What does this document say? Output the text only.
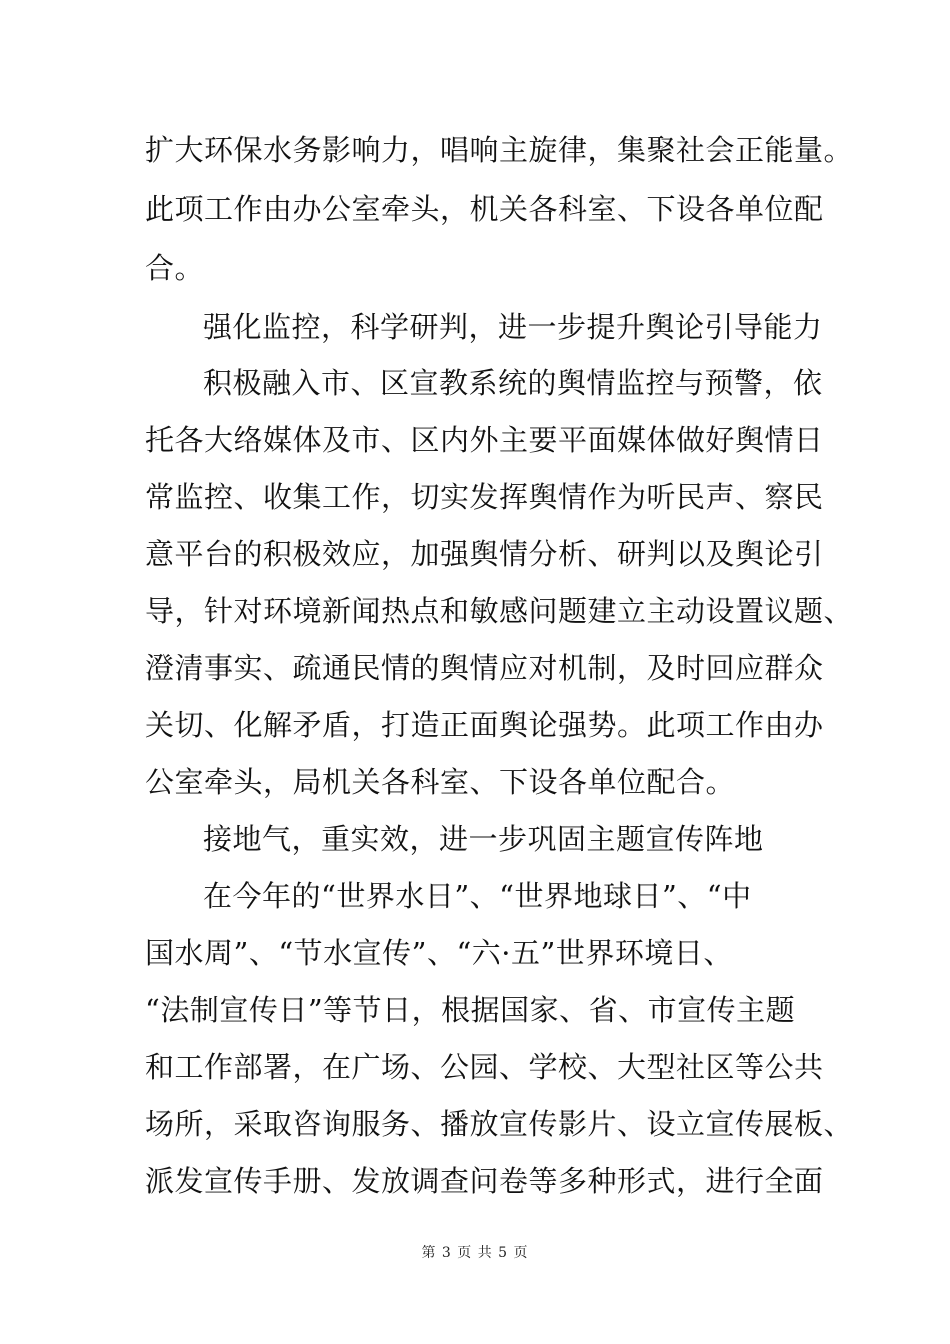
扩大环保水务影响力，唱响主旋律，集聚社会正能量。
此项工作由办公室牵头，机关各科室、下设各单位配
合。
强化监控，科学研判，进一步提升舆论引导能力
积极融入市、区宣教系统的舆情监控与预警，依
托各大络媒体及市、区内外主要平面媒体做好舆情日
常监控、收集工作，切实发挥舆情作为听民声、察民
意平台的积极效应，加强舆情分析、研判以及舆论引
导，针对环境新闻热点和敏感问题建立主动设置议题、
澄清事实、疏通民情的舆情应对机制，及时回应群众
关切、化解矛盾，打造正面舆论强势。此项工作由办
公室牵头，局机关各科室、下设各单位配合。
接地气，重实效，进一步巩固主题宣传阵地
在今年的“世界水日”、“世界地球日”、“中
国水周”、“节水宣传”、“六·五”世界环境日、
“法制宣传日”等节日，根据国家、省、市宣传主题
和工作部署，在广场、公园、学校、大型社区等公共
场所，采取咨询服务、播放宣传影片、设立宣传展板、
派发宣传手册、发放调查问卷等多种形式，进行全面
第 3 页 共 5 页
